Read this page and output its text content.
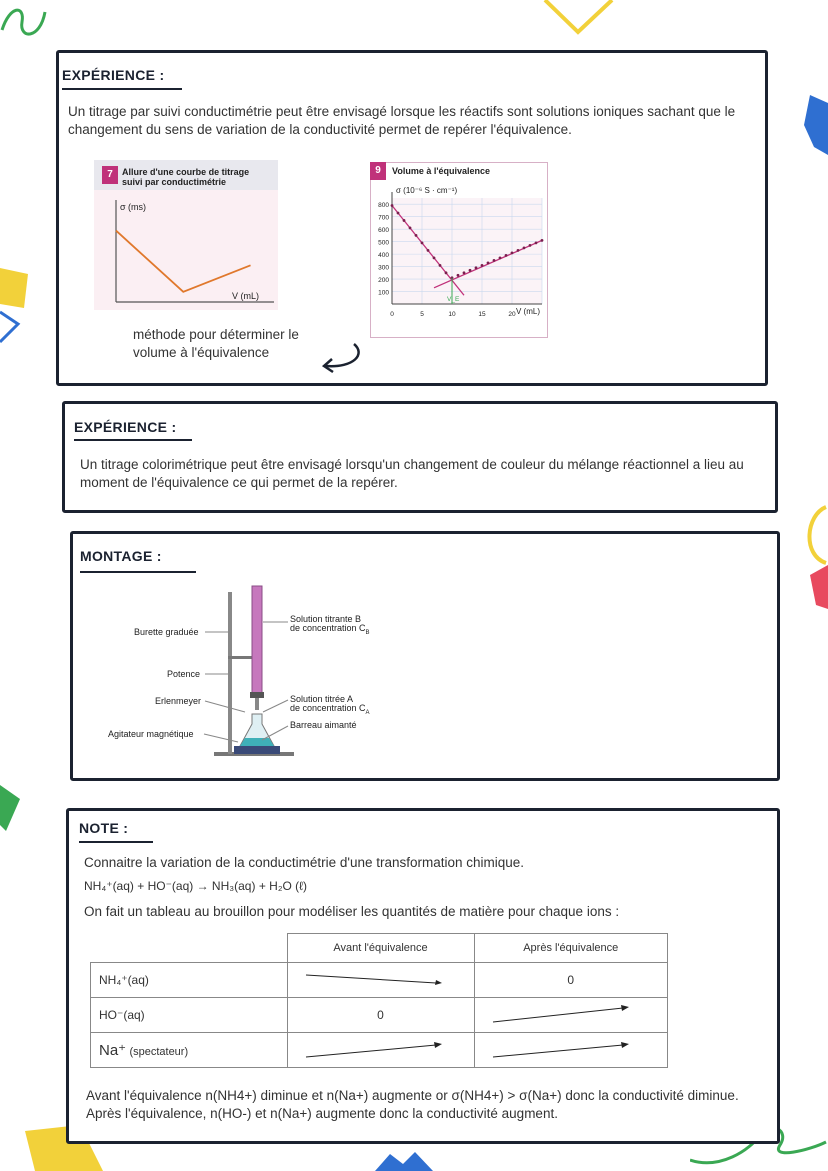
EXPÉRIENCE :
Un titrage par suivi conductimétrie peut être envisagé lorsque les réactifs sont solutions ioniques sachant que le changement du sens de variation de la conductivité permet de repérer l'équivalence.
7	Allure d'une courbe de titrage
suivi par conductimétrie
σ (ms)
V (mL)
9	Volume à l'équivalence
100
200
300
400
500
600
700
800
0	5	10	15	20
V_E
σ (10⁻⁶ S · cm⁻¹)
V (mL)
méthode pour déterminer le
volume à l'équivalence
EXPÉRIENCE :
Un titrage colorimétrique peut être envisagé lorsqu'un changement de couleur du mélange réactionnel a lieu au moment de l'équivalence ce qui permet de la repérer.
MONTAGE :
Burette graduée
Potence
Erlenmeyer
Agitateur magnétique
Solution titrante B
de concentration $C_B$
Solution titrée A
de concentration $C_A$
Barreau aimanté
NOTE :
Connaitre la variation de la conductimétrie d'une transformation chimique.
NH₄⁺(aq) + HO⁻(aq) → NH₃(aq) + H₂O (ℓ)
On fait un tableau au brouillon pour modéliser les quantités de matière pour chaque ions :
	Avant l'équivalence	Après l'équivalence
NH₄⁺(aq)		0
HO⁻(aq)	0	
Na⁺ (spectateur)		
Avant l'équivalence n(NH4+) diminue et n(Na+) augmente or σ(NH4+) > σ(Na+) donc la conductivité diminue. Après l'équivalence, n(HO-) et n(Na+) augmente donc la conductivité augment.
